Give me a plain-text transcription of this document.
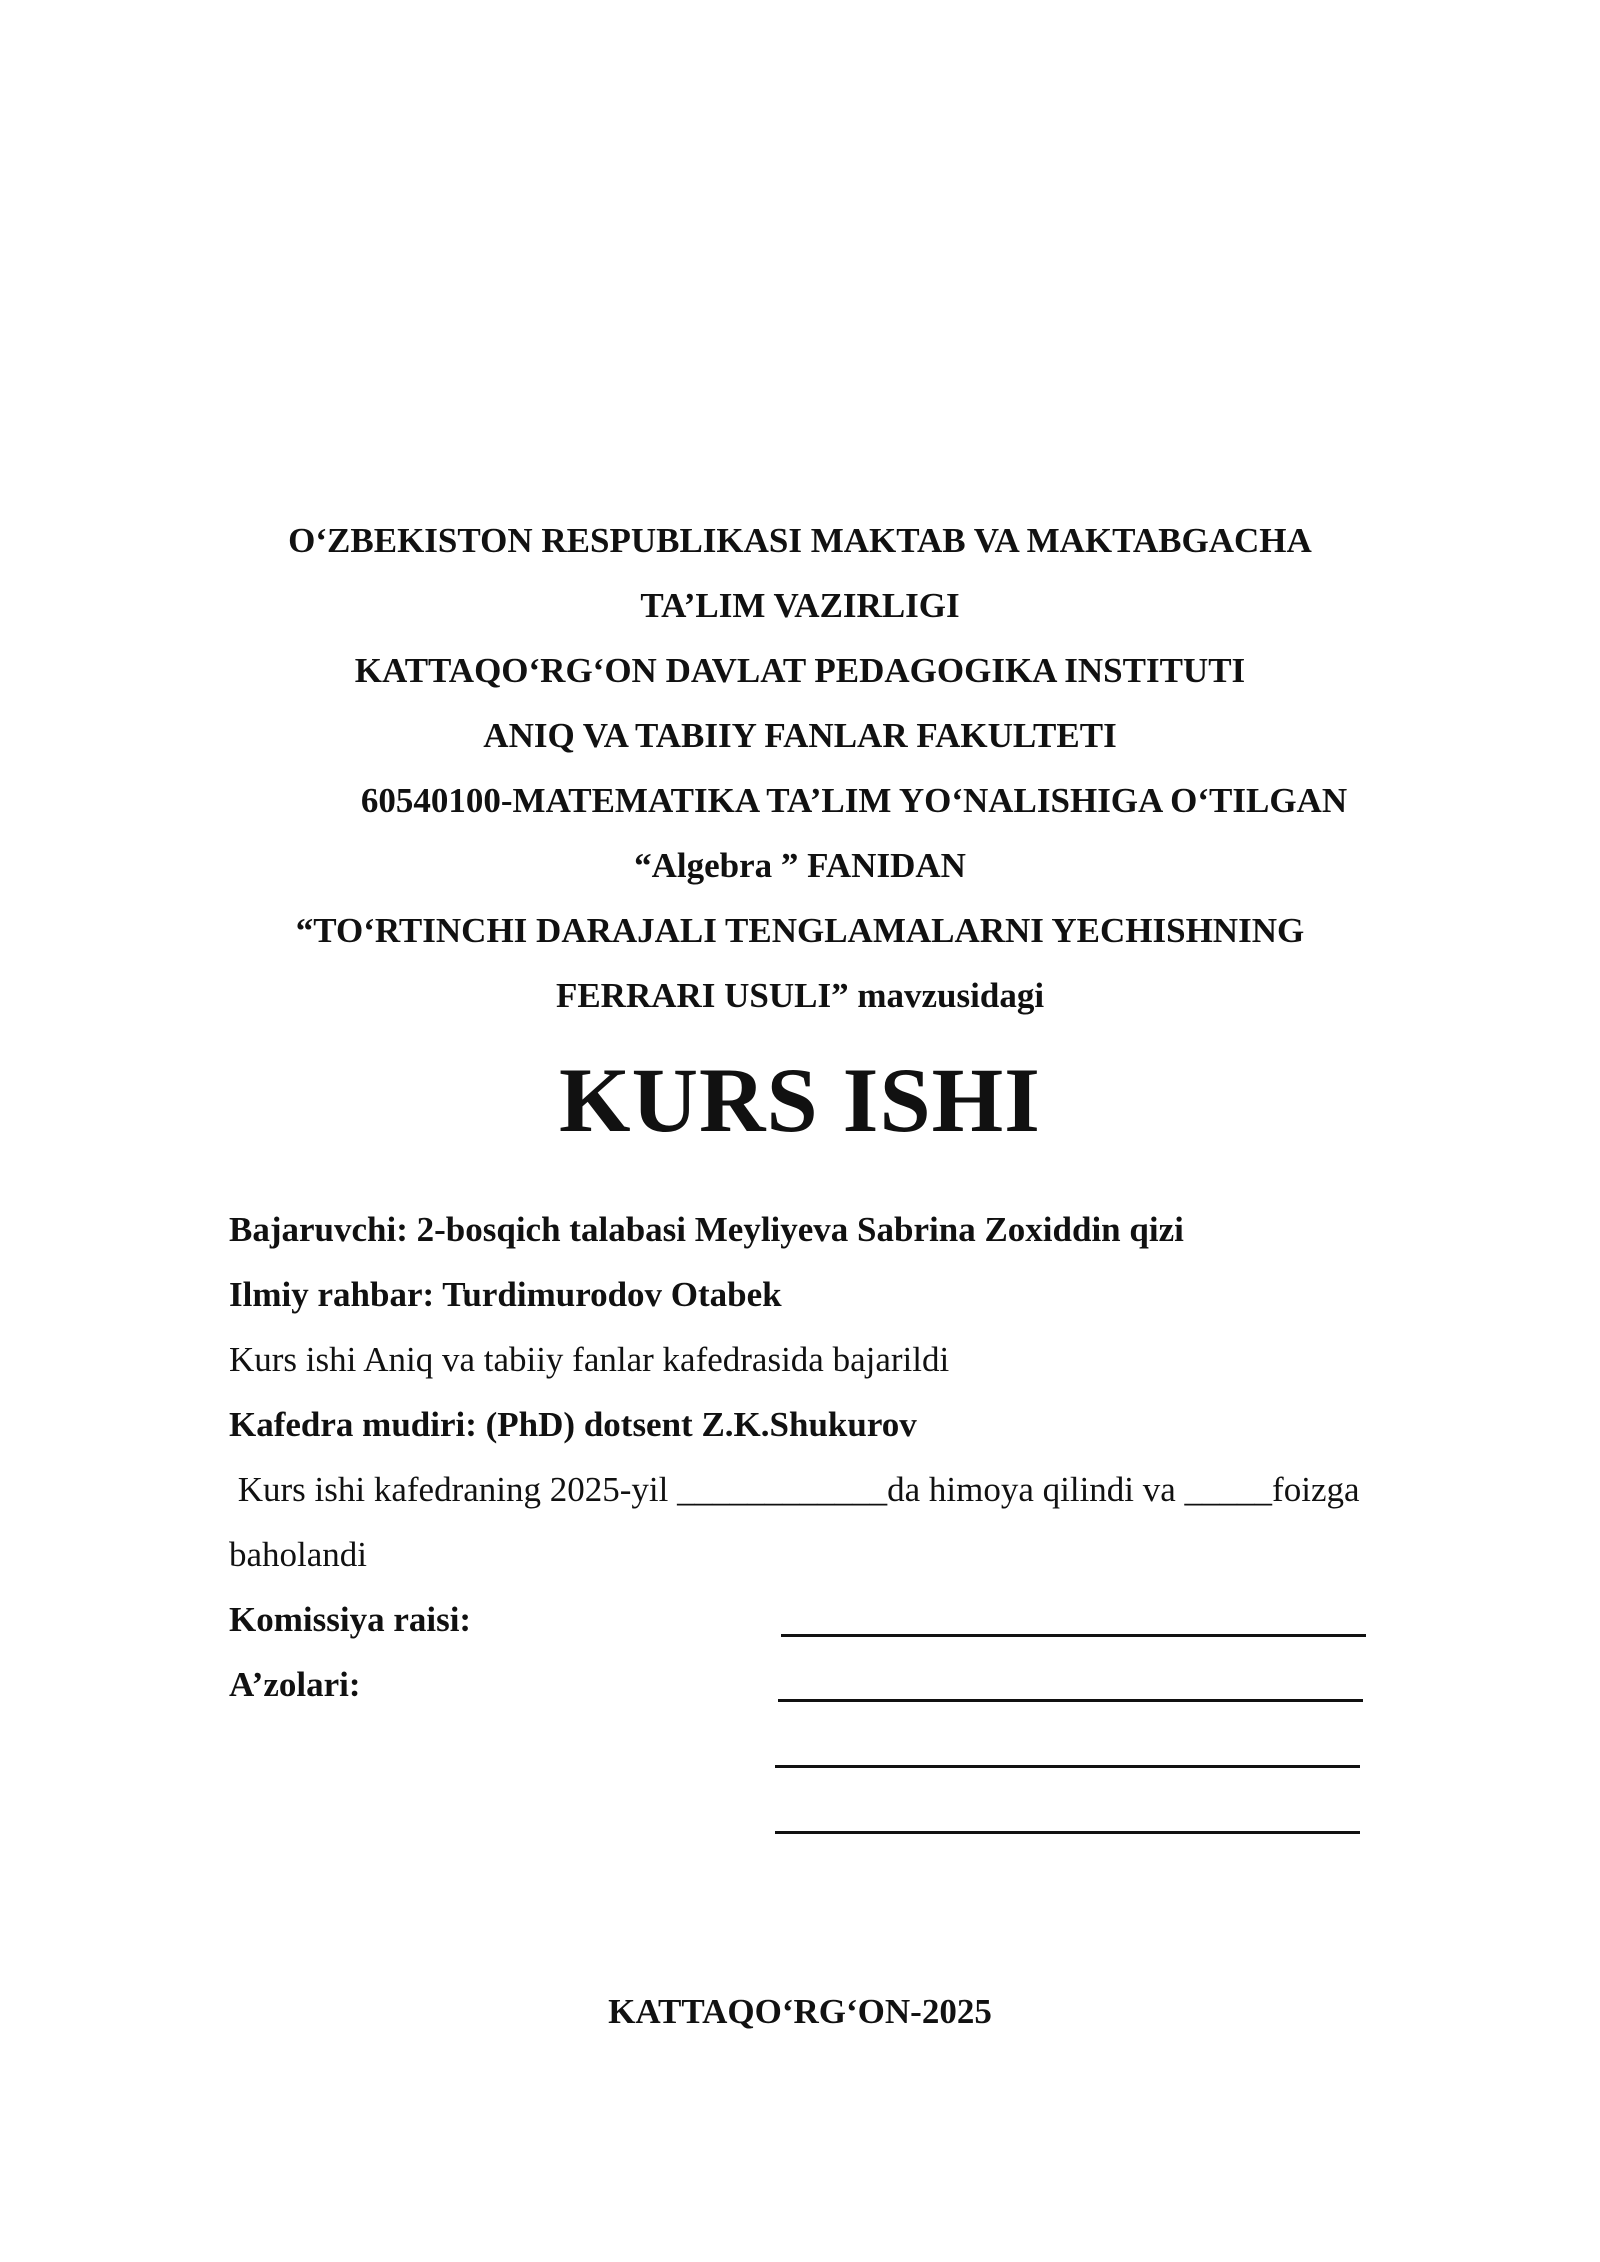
O‘ZBEKISTON RESPUBLIKASI MAKTAB VA MAKTABGACHA
TA’LIM VAZIRLIGI
KATTAQO‘RG‘ON DAVLAT PEDAGOGIKA INSTITUTI
ANIQ VA TABIIY FANLAR FAKULTETI
60540100-MATEMATIKA TA’LIM YO‘NALISHIGA O‘TILGAN
“Algebra ” FANIDAN
“TO‘RTINCHI DARAJALI TENGLAMALARNI YECHISHNING
FERRARI USULI” mavzusidagi
KURS ISHI
Bajaruvchi: 2-bosqich talabasi Meyliyeva Sabrina Zoxiddin qizi
Ilmiy rahbar: Turdimurodov Otabek
Kurs ishi Aniq va tabiiy fanlar kafedrasida bajarildi
Kafedra mudiri: (PhD) dotsent Z.K.Shukurov
Kurs ishi kafedraning 2025-yil ____________da himoya qilindi va _____foizga
baholandi
Komissiya raisi:
A’zolari:
KATTAQO‘RG‘ON-2025
